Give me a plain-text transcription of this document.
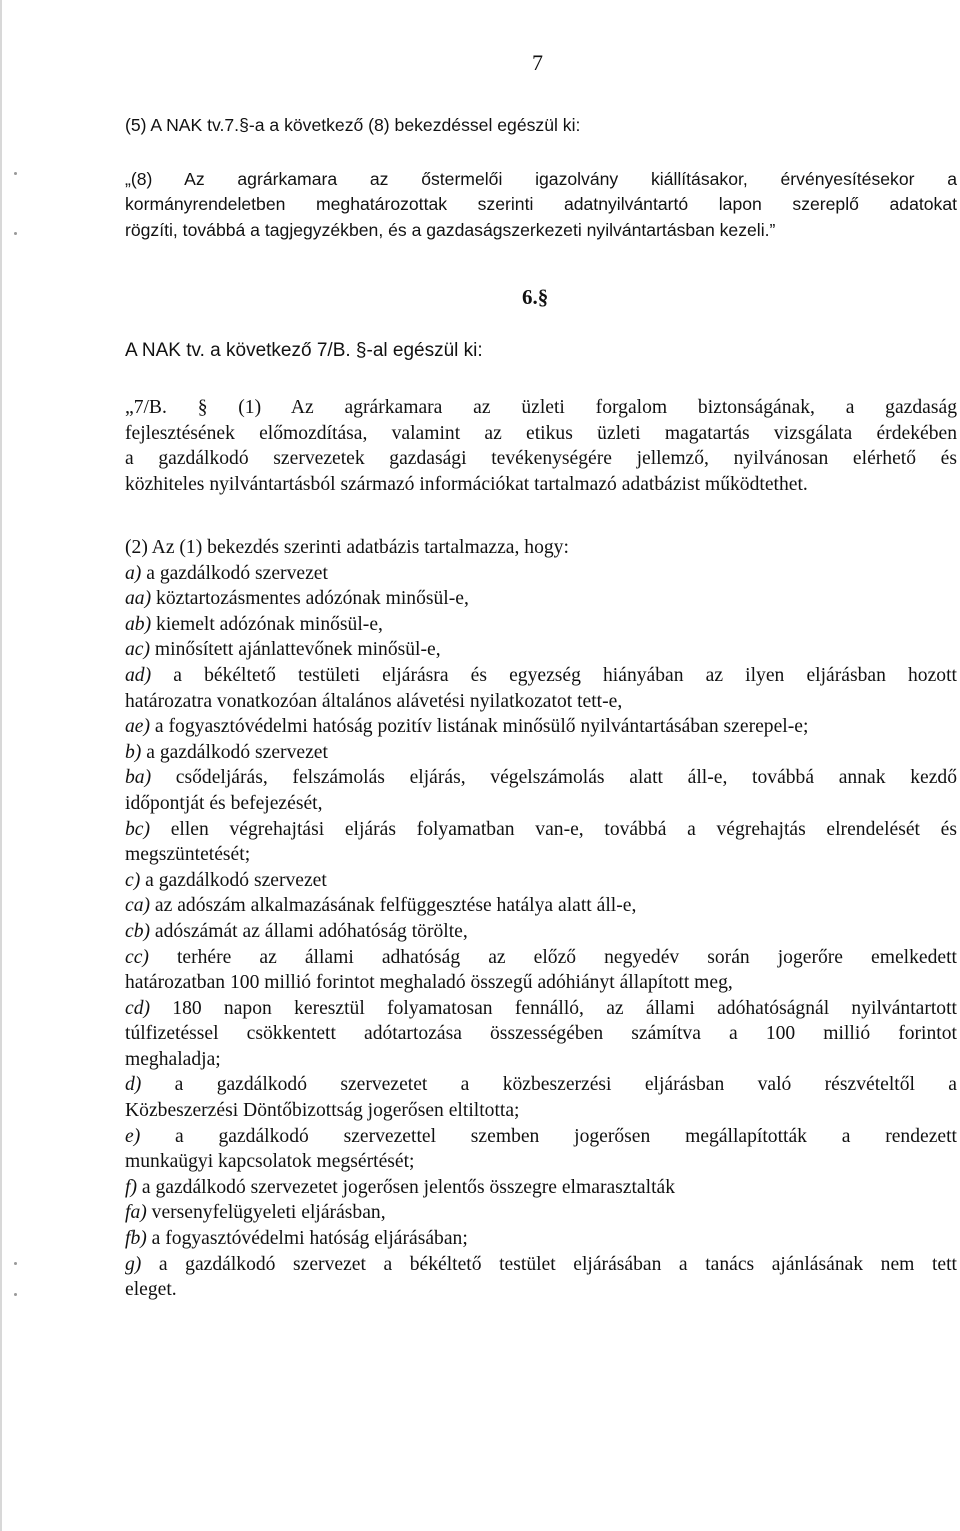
7
(5) A NAK tv.7.§-a a következő (8) bekezdéssel egészül ki:
„(8) Az agrárkamara az őstermelői igazolvány kiállításakor, érvényesítésekor a
kormányrendeletben meghatározottak szerinti adatnyilvántartó lapon szereplő adatokat
rögzíti, továbbá a tagjegyzékben, és a gazdaságszerkezeti nyilvántartásban kezeli.”
6.§
A NAK tv. a következő 7/B. §-al egészül ki:
„7/B. § (1) Az agrárkamara az üzleti forgalom biztonságának, a gazdaság
fejlesztésének előmozdítása, valamint az etikus üzleti magatartás vizsgálata érdekében
a gazdálkodó szervezetek gazdasági tevékenységére jellemző, nyilvánosan elérhető és
közhiteles nyilvántartásból származó információkat tartalmazó adatbázist működtethet.
(2) Az (1) bekezdés szerinti adatbázis tartalmazza, hogy:
a) a gazdálkodó szervezet
aa) köztartozásmentes adózónak minősül-e,
ab) kiemelt adózónak minősül-e,
ac) minősített ajánlattevőnek minősül-e,
ad) a békéltető testületi eljárásra és egyezség hiányában az ilyen eljárásban hozott
határozatra vonatkozóan általános alávetési nyilatkozatot tett-e,
ae) a fogyasztóvédelmi hatóság pozitív listának minősülő nyilvántartásában szerepel-e;
b) a gazdálkodó szervezet
ba) csődeljárás, felszámolás eljárás, végelszámolás alatt áll-e, továbbá annak kezdő
időpontját és befejezését,
bc) ellen végrehajtási eljárás folyamatban van-e, továbbá a végrehajtás elrendelését és
megszüntetését;
c) a gazdálkodó szervezet
ca) az adószám alkalmazásának felfüggesztése hatálya alatt áll-e,
cb) adószámát az állami adóhatóság törölte,
cc) terhére az állami adhatóság az előző negyedév során jogerőre emelkedett
határozatban 100 millió forintot meghaladó összegű adóhiányt állapított meg,
cd) 180 napon keresztül folyamatosan fennálló, az állami adóhatóságnál nyilvántartott
túlfizetéssel csökkentett adótartozása összességében számítva a 100 millió forintot
meghaladja;
d) a gazdálkodó szervezetet a közbeszerzési eljárásban való részvételtől a
Közbeszerzési Döntőbizottság jogerősen eltiltotta;
e) a gazdálkodó szervezettel szemben jogerősen megállapították a rendezett
munkaügyi kapcsolatok megsértését;
f) a gazdálkodó szervezetet jogerősen jelentős összegre elmarasztalták
fa) versenyfelügyeleti eljárásban,
fb) a fogyasztóvédelmi hatóság eljárásában;
g) a gazdálkodó szervezet a békéltető testület eljárásában a tanács ajánlásának nem tett
eleget.
